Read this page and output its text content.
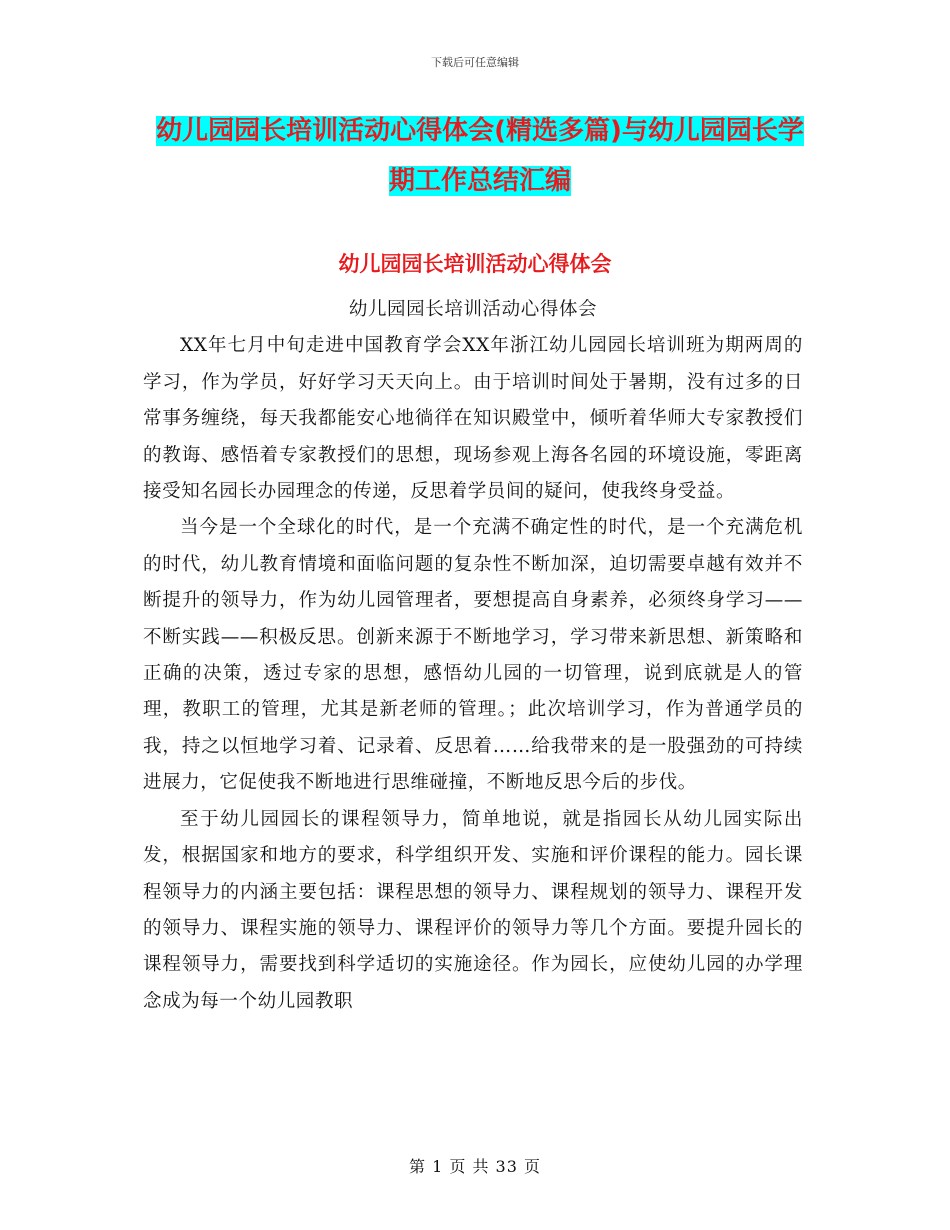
下载后可任意编辑
幼儿园园长培训活动心得体会(精选多篇)与幼儿园园长学期工作总结汇编
幼儿园园长培训活动心得体会

幼儿园园长培训活动心得体会

XX年七月中旬走进中国教育学会XX年浙江幼儿园园长培训班为期两周的学习，作为学员，好好学习天天向上。由于培训时间处于暑期，没有过多的日常事务缠绕，每天我都能安心地徜徉在知识殿堂中，倾听着华师大专家教授们的教诲、感悟着专家教授们的思想，现场参观上海各名园的环境设施，零距离接受知名园长办园理念的传递，反思着学员间的疑问，使我终身受益。

当今是一个全球化的时代，是一个充满不确定性的时代，是一个充满危机的时代，幼儿教育情境和面临问题的复杂性不断加深，迫切需要卓越有效并不断提升的领导力，作为幼儿园管理者，要想提高自身素养，必须终身学习——不断实践——积极反思。创新来源于不断地学习，学习带来新思想、新策略和正确的决策，透过专家的思想，感悟幼儿园的一切管理，说到底就是人的管理，教职工的管理，尤其是新老师的管理。；此次培训学习，作为普通学员的我，持之以恒地学习着、记录着、反思着……给我带来的是一股强劲的可持续进展力，它促使我不断地进行思维碰撞，不断地反思今后的步伐。

至于幼儿园园长的课程领导力，简单地说，就是指园长从幼儿园实际出发，根据国家和地方的要求，科学组织开发、实施和评价课程的能力。园长课程领导力的内涵主要包括：课程思想的领导力、课程规划的领导力、课程开发的领导力、课程实施的领导力、课程评价的领导力等几个方面。要提升园长的课程领导力，需要找到科学适切的实施途径。作为园长，应使幼儿园的办学理念成为每一个幼儿园教职

第 1 页 共 33 页
